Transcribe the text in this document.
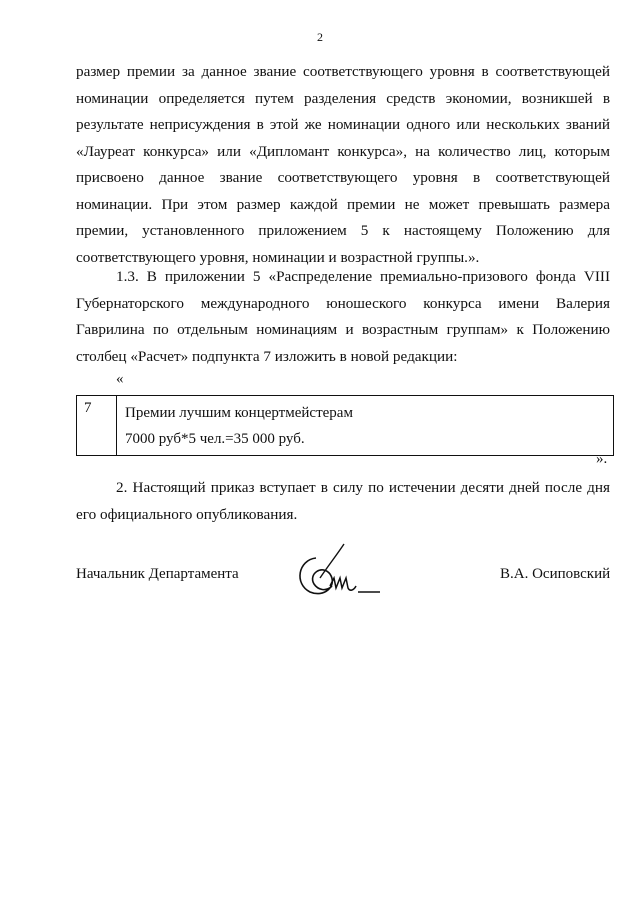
2
размер премии за данное звание соответствующего уровня в соответствующей номинации определяется путем разделения средств экономии, возникшей в результате неприсуждения в этой же номинации одного или нескольких званий «Лауреат конкурса» или «Дипломант конкурса», на количество лиц, которым присвоено данное звание соответствующего уровня в соответствующей номинации. При этом размер каждой премии не может превышать размера премии, установленного приложением 5 к настоящему Положению для соответствующего уровня, номинации и возрастной группы.».
1.3. В приложении 5 «Распределение премиально-призового фонда VIII Губернаторского международного юношеского конкурса имени Валерия Гаврилина по отдельным номинациям и возрастным группам» к Положению столбец «Расчет» подпункта 7 изложить в новой редакции:
«
7	Премии лучшим концертмейстерам
7000 руб*5 чел.=35 000 руб.
».
2. Настоящий приказ вступает в силу по истечении десяти дней после дня его официального опубликования.
Начальник Департамента	В.А. Осиповский
